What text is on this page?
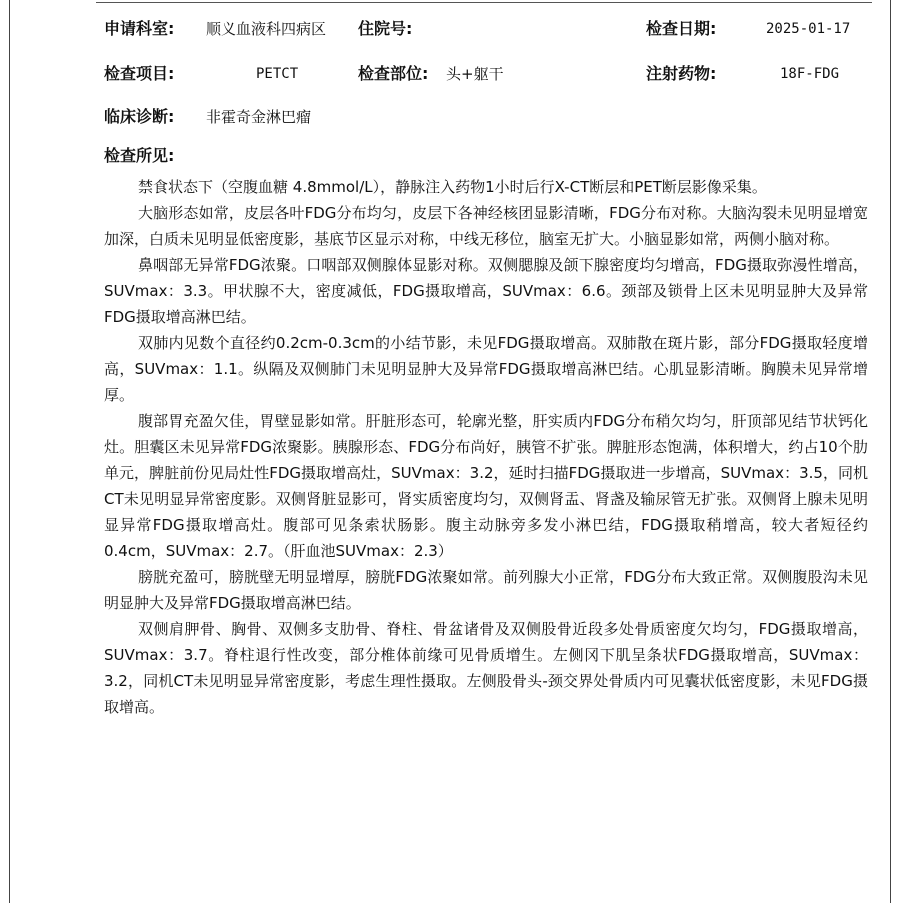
申请科室: 顺义血液科四病区 住院号:	检查日期:	2025-01-17
检查项目:	PETCT	检查部位: 头+躯干	注射药物:	18F-FDG
临床诊断: 非霍奇金淋巴瘤
检查所见:

禁食状态下（空腹血糖 4.8mmol/L），静脉注入药物1小时后行X-CT断层和PET断层影像采集。

大脑形态如常，皮层各叶FDG分布均匀，皮层下各神经核团显影清晰，FDG分布对称。大脑沟裂未见明显增宽加深，白质未见明显低密度影，基底节区显示对称，中线无移位，脑室无扩大。小脑显影如常，两侧小脑对称。

鼻咽部无异常FDG浓聚。口咽部双侧腺体显影对称。双侧腮腺及颌下腺密度均匀增高，FDG摄取弥漫性增高，SUVmax：3.3。甲状腺不大，密度减低，FDG摄取增高，SUVmax：6.6。颈部及锁骨上区未见明显肿大及异常FDG摄取增高淋巴结。

双肺内见数个直径约0.2cm-0.3cm的小结节影，未见FDG摄取增高。双肺散在斑片影，部分FDG摄取轻度增高，SUVmax：1.1。纵隔及双侧肺门未见明显肿大及异常FDG摄取增高淋巴结。心肌显影清晰。胸膜未见异常增厚。

腹部胃充盈欠佳，胃壁显影如常。肝脏形态可，轮廓光整，肝实质内FDG分布稍欠均匀，肝顶部见结节状钙化灶。胆囊区未见异常FDG浓聚影。胰腺形态、FDG分布尚好，胰管不扩张。脾脏形态饱满，体积增大，约占10个肋单元，脾脏前份见局灶性FDG摄取增高灶，SUVmax：3.2，延时扫描FDG摄取进一步增高，SUVmax：3.5，同机CT未见明显异常密度影。双侧肾脏显影可，肾实质密度均匀，双侧肾盂、肾盏及输尿管无扩张。双侧肾上腺未见明显异常FDG摄取增高灶。腹部可见条索状肠影。腹主动脉旁多发小淋巴结，FDG摄取稍增高，较大者短径约0.4cm，SUVmax：2.7。（肝血池SUVmax：2.3）

膀胱充盈可，膀胱壁无明显增厚，膀胱FDG浓聚如常。前列腺大小正常，FDG分布大致正常。双侧腹股沟未见明显肿大及异常FDG摄取增高淋巴结。

双侧肩胛骨、胸骨、双侧多支肋骨、脊柱、骨盆诸骨及双侧股骨近段多处骨质密度欠均匀，FDG摄取增高，SUVmax：3.7。脊柱退行性改变，部分椎体前缘可见骨质增生。左侧冈下肌呈条状FDG摄取增高，SUVmax：3.2，同机CT未见明显异常密度影，考虑生理性摄取。左侧股骨头-颈交界处骨质内可见囊状低密度影，未见FDG摄取增高。
